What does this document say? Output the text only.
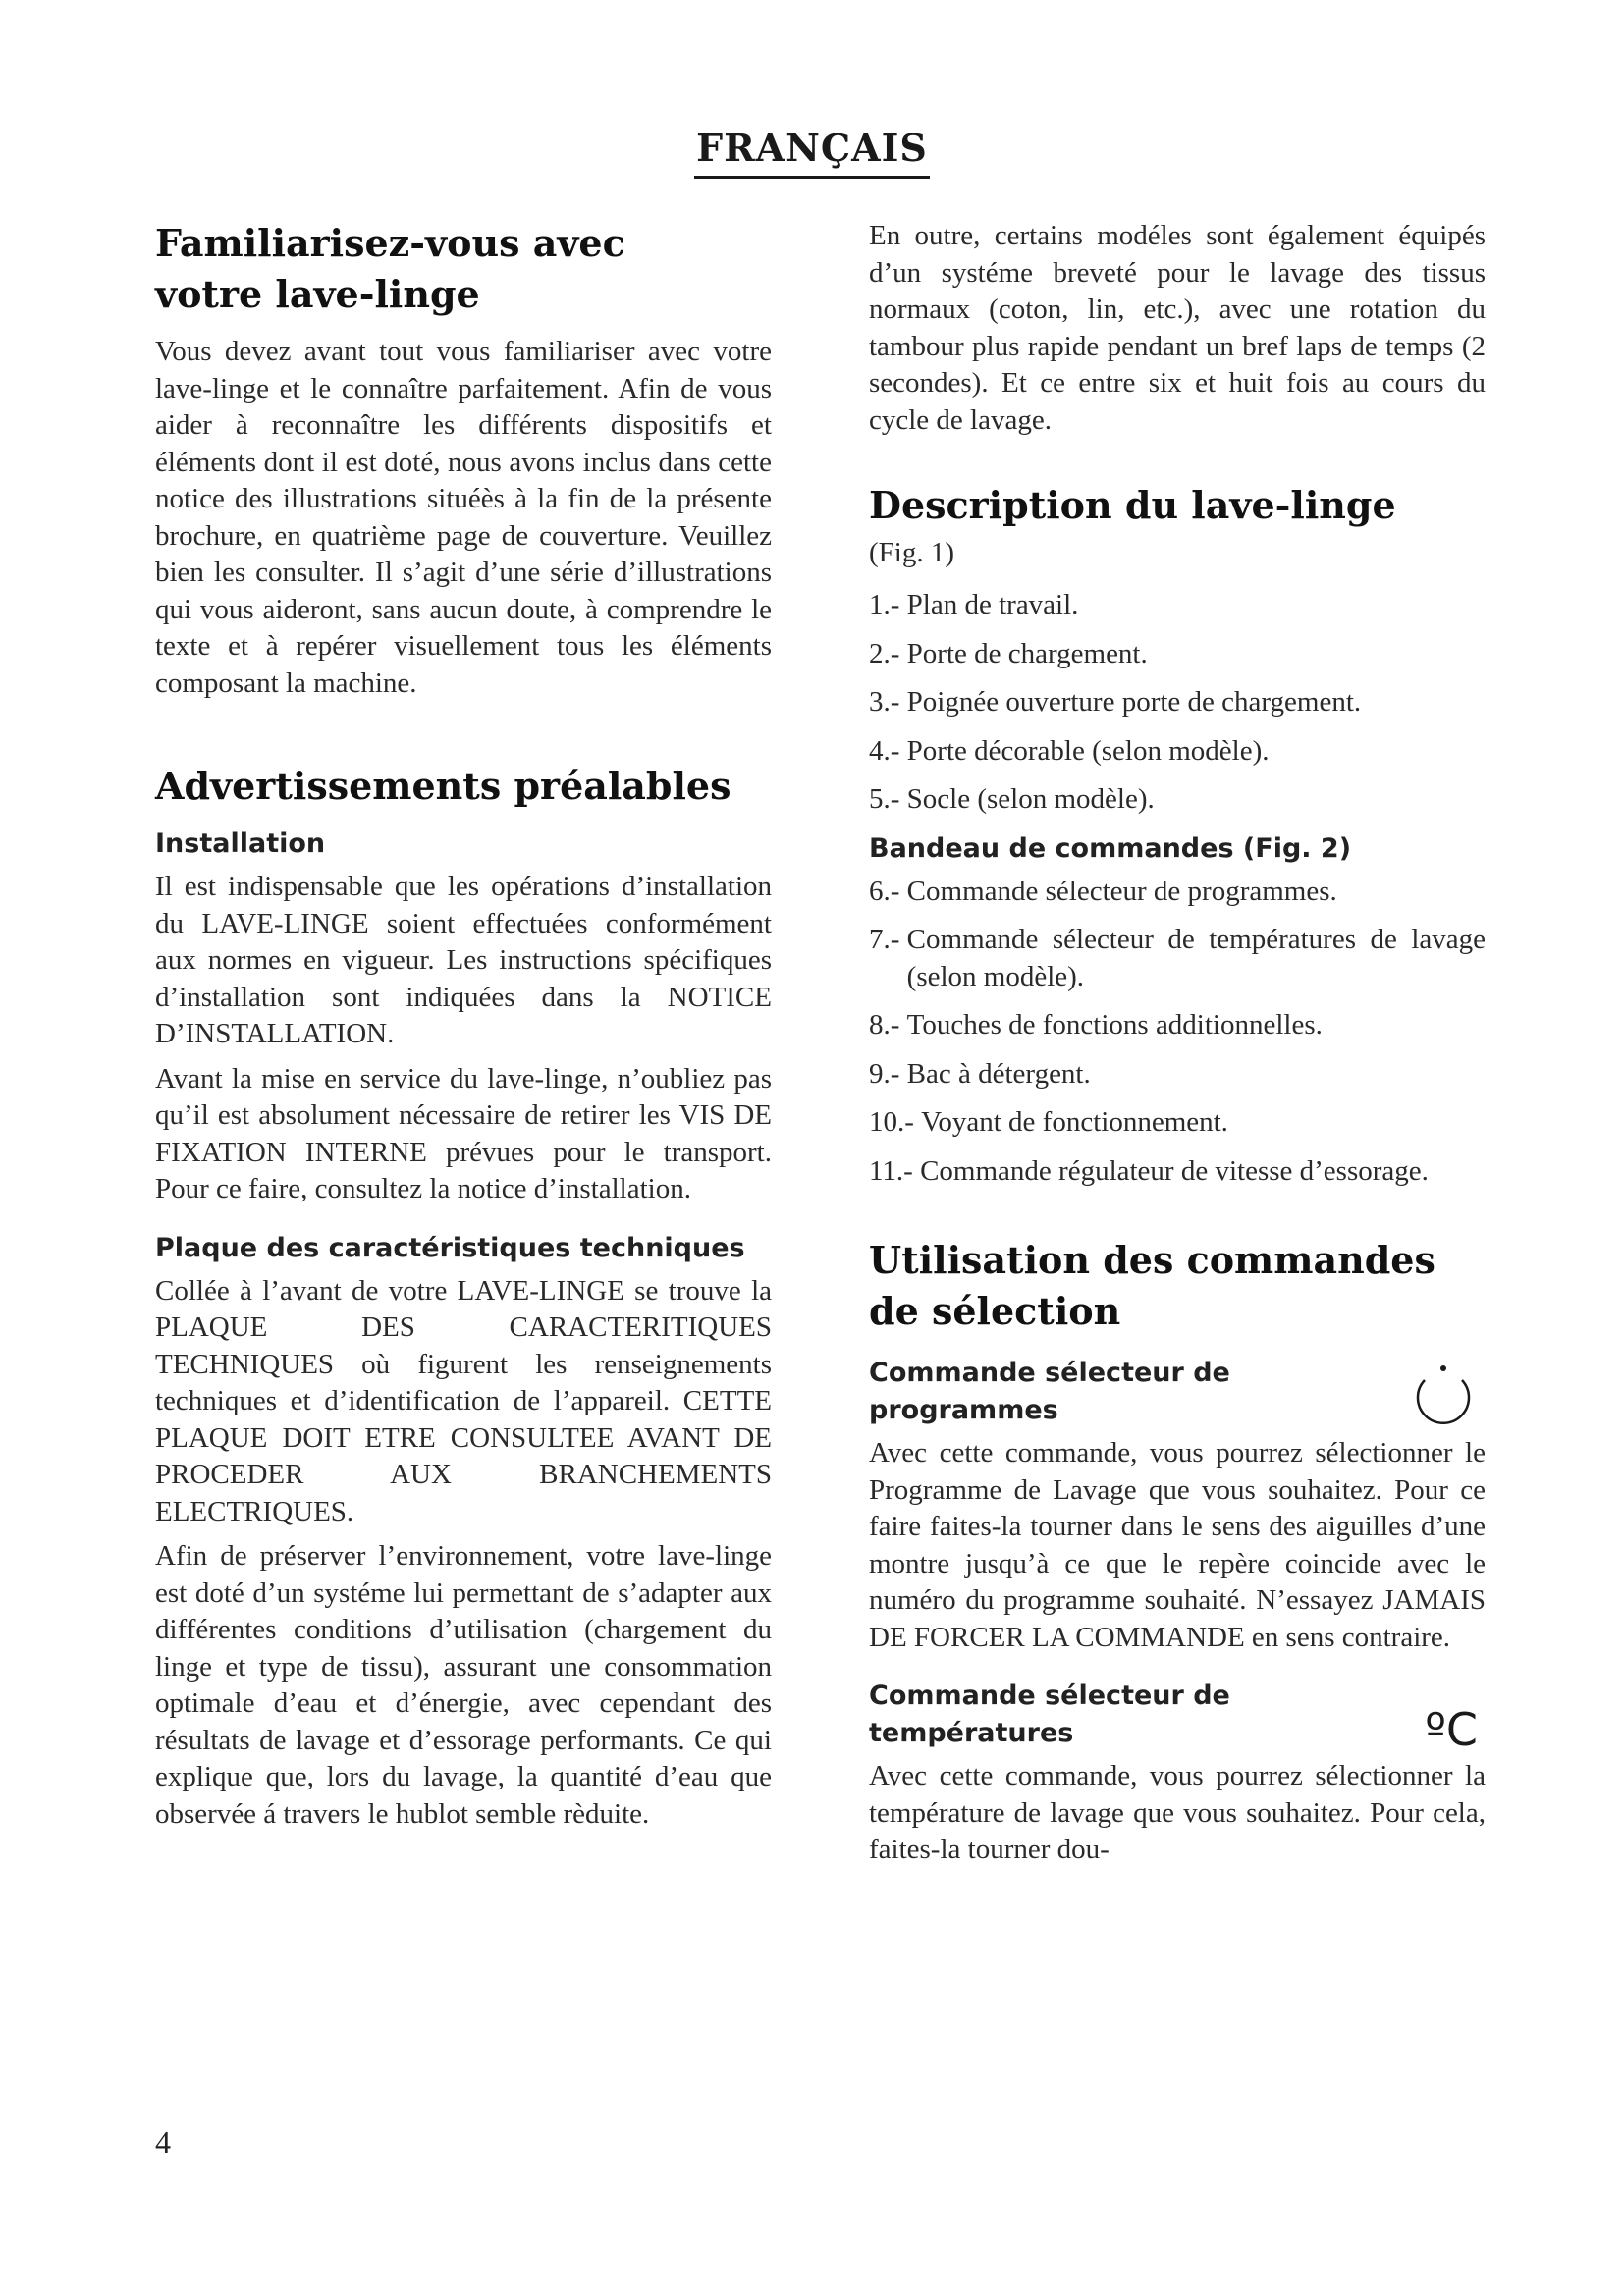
FRANÇAIS
Familiarisez-vous avec
votre lave-linge

Vous devez avant tout vous familiariser avec votre lave-linge et le connaître parfaitement. Afin de vous aider à reconnaître les différents dispositifs et éléments dont il est doté, nous avons inclus dans cette notice des illustrations situéès à la fin de la présente brochure, en quatrième page de couverture. Veuillez bien les consulter. Il s’agit d’une série d’illustrations qui vous aideront, sans aucun doute, à comprendre le texte et à repérer visuellement tous les éléments composant la machine.

Advertissements préalables
Installation

Il est indispensable que les opérations d’installation du LAVE-LINGE soient effectuées conformément aux normes en vigueur. Les instructions spécifiques d’installation sont indiquées dans la NOTICE D’INSTALLATION.

Avant la mise en service du lave-linge, n’oubliez pas qu’il est absolument nécessaire de retirer les VIS DE FIXATION INTERNE prévues pour le transport. Pour ce faire, consultez la notice d’installation.

Plaque des caractéristiques techniques

Collée à l’avant de votre LAVE-LINGE se trouve la PLAQUE DES CARACTERITIQUES TECHNIQUES où figurent les renseignements techniques et d’identification de l’appareil. CETTE PLAQUE DOIT ETRE CONSULTEE AVANT DE PROCEDER AUX BRANCHEMENTS ELECTRIQUES.

Afin de préserver l’environnement, votre lave-linge est doté d’un systéme lui permettant de s’adapter aux différentes conditions d’utilisation (chargement du linge et type de tissu), assurant une consommation optimale d’eau et d’énergie, avec cependant des résultats de lavage et d’essorage performants. Ce qui explique que, lors du lavage, la quantité d’eau que observée á travers le hublot semble rèduite.

En outre, certains modéles sont également équipés d’un systéme breveté pour le lavage des tissus normaux (coton, lin, etc.), avec une rotation du tambour plus rapide pendant un bref laps de temps (2 secondes). Et ce entre six et huit fois au cours du cycle de lavage.

Description du lave-linge
(Fig. 1)
1.- Plan de travail.
2.- Porte de chargement.
3.- Poignée ouverture porte de chargement.
4.- Porte décorable (selon modèle).
5.- Socle (selon modèle).
Bandeau de commandes (Fig. 2)
6.- Commande sélecteur de programmes.
7.- Commande sélecteur de températures de lavage (selon modèle).
8.- Touches de fonctions additionnelles.
9.- Bac à détergent.
10.- Voyant de fonctionnement.
11.- Commande régulateur de vitesse d’essorage.
Utilisation des commandes
de sélection
Commande sélecteur de programmes

Avec cette commande, vous pourrez sélectionner le Programme de Lavage que vous souhaitez. Pour ce faire faites-la tourner dans le sens des aiguilles d’une montre jusqu’à ce que le repère coincide avec le numéro du programme souhaité. N’essayez JAMAIS DE FORCER LA COMMANDE en sens contraire.

Commande sélecteur de températures	ºC

Avec cette commande, vous pourrez sélectionner la température de lavage que vous souhaitez. Pour cela, faites-la tourner dou-

4
